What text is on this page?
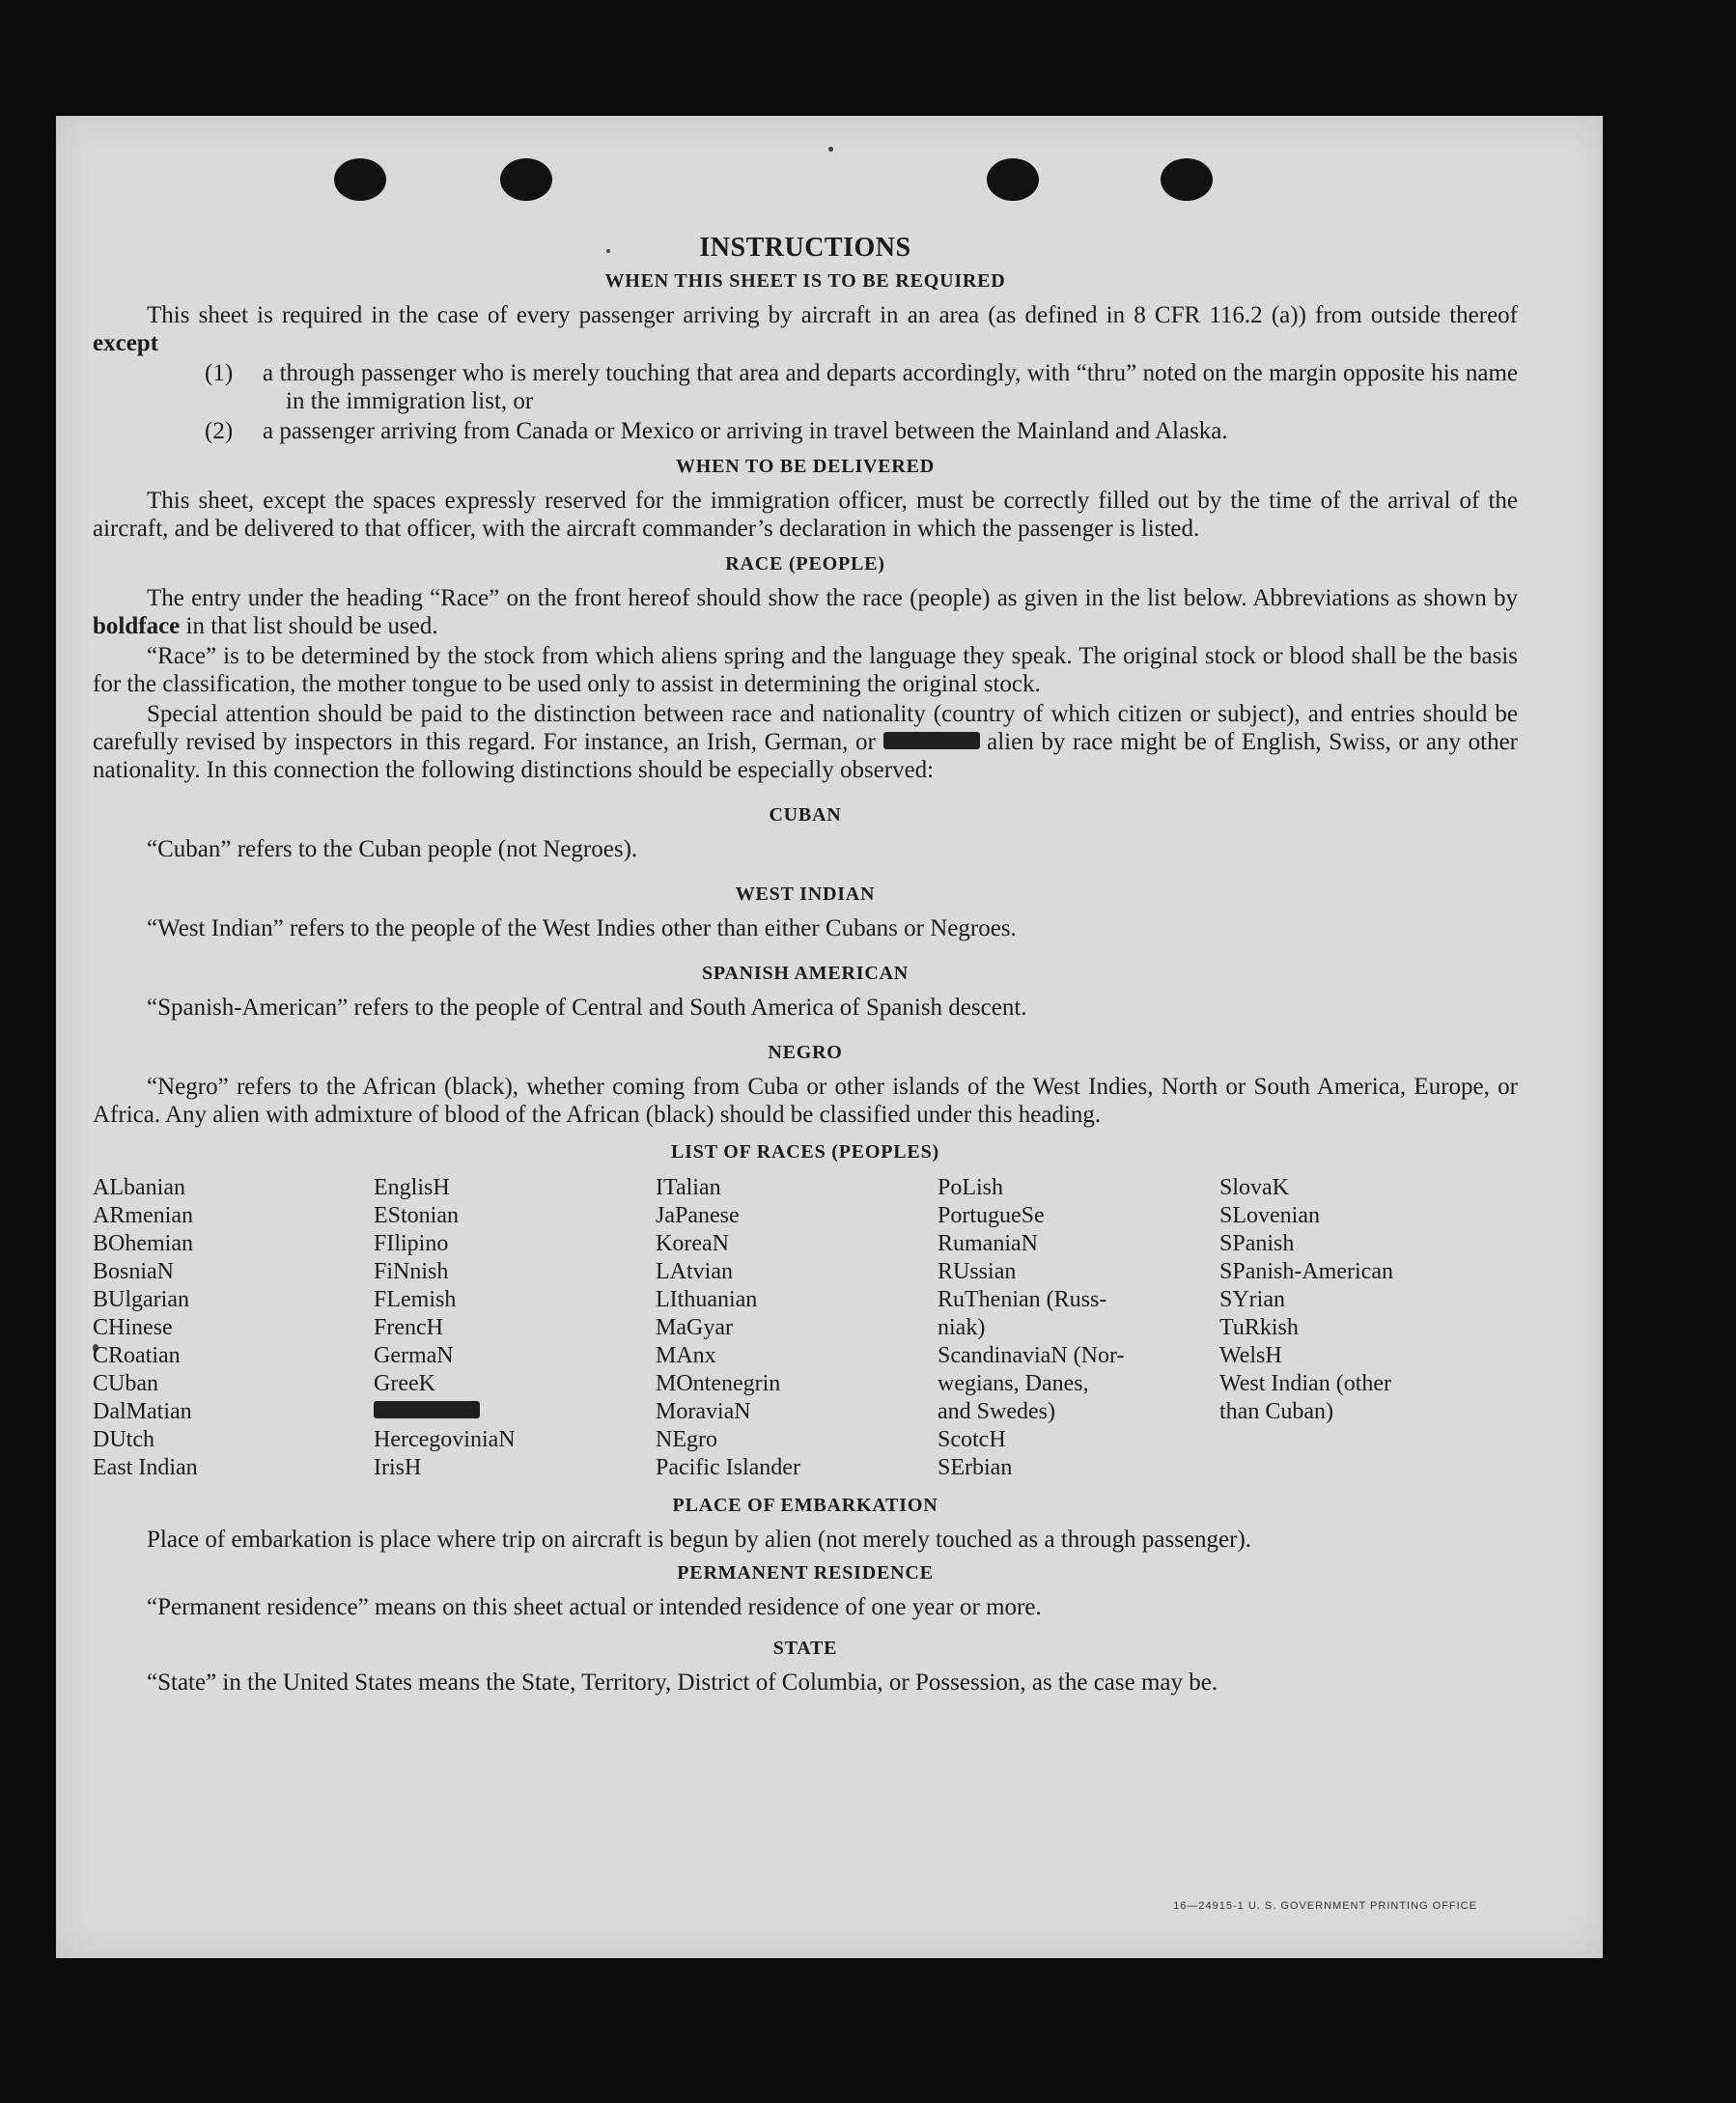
INSTRUCTIONS
WHEN THIS SHEET IS TO BE REQUIRED

This sheet is required in the case of every passenger arriving by aircraft in an area (as defined in 8 CFR 116.2 (a)) from outside thereof except

(1) a through passenger who is merely touching that area and departs accordingly, with “thru” noted on the margin opposite his name in the immigration list, or
(2) a passenger arriving from Canada or Mexico or arriving in travel between the Mainland and Alaska.
WHEN TO BE DELIVERED

This sheet, except the spaces expressly reserved for the immigration officer, must be correctly filled out by the time of the arrival of the aircraft, and be delivered to that officer, with the aircraft commander’s declaration in which the passenger is listed.

RACE (PEOPLE)

The entry under the heading “Race” on the front hereof should show the race (people) as given in the list below. Abbreviations as shown by boldface in that list should be used.

“Race” is to be determined by the stock from which aliens spring and the language they speak. The original stock or blood shall be the basis for the classification, the mother tongue to be used only to assist in determining the original stock.

Special attention should be paid to the distinction between race and nationality (country of which citizen or subject), and entries should be carefully revised by inspectors in this regard. For instance, an Irish, German, or	alien by race might be of English, Swiss, or any other nationality. In this connection the following distinctions should be especially observed:

CUBAN

“Cuban” refers to the Cuban people (not Negroes).

WEST INDIAN

“West Indian” refers to the people of the West Indies other than either Cubans or Negroes.

SPANISH AMERICAN

“Spanish-American” refers to the people of Central and South America of Spanish descent.

NEGRO

“Negro” refers to the African (black), whether coming from Cuba or other islands of the West Indies, North or South America, Europe, or Africa. Any alien with admixture of blood of the African (black) should be classified under this heading.

LIST OF RACES (PEOPLES)
ALbanian
ARmenian
BOhemian
BosniaN
BUlgarian
CHinese
CRoatian
CUban
DalMatian
DUtch
East Indian
EnglisH
EStonian
FIlipino
FiNnish
FLemish
FrencH
GermaN
GreeK
HercegoviniaN
IrisH
ITalian
JaPanese
KoreaN
LAtvian
LIthuanian
MaGyar
MAnx
MOntenegrin
MoraviaN
NEgro
Pacific Islander
PoLish
PortugueSe
RumaniaN
RUssian
RuThenian (Russ-
niak)
ScandinaviaN (Nor-
wegians, Danes,
and Swedes)
ScotcH
SErbian
SlovaK
SLovenian
SPanish
SPanish-American
SYrian
TuRkish
WelsH
West Indian (other
than Cuban)
PLACE OF EMBARKATION

Place of embarkation is place where trip on aircraft is begun by alien (not merely touched as a through passenger).

PERMANENT RESIDENCE

“Permanent residence” means on this sheet actual or intended residence of one year or more.

STATE

“State” in the United States means the State, Territory, District of Columbia, or Possession, as the case may be.

16—24915-1 U. S. GOVERNMENT PRINTING OFFICE
